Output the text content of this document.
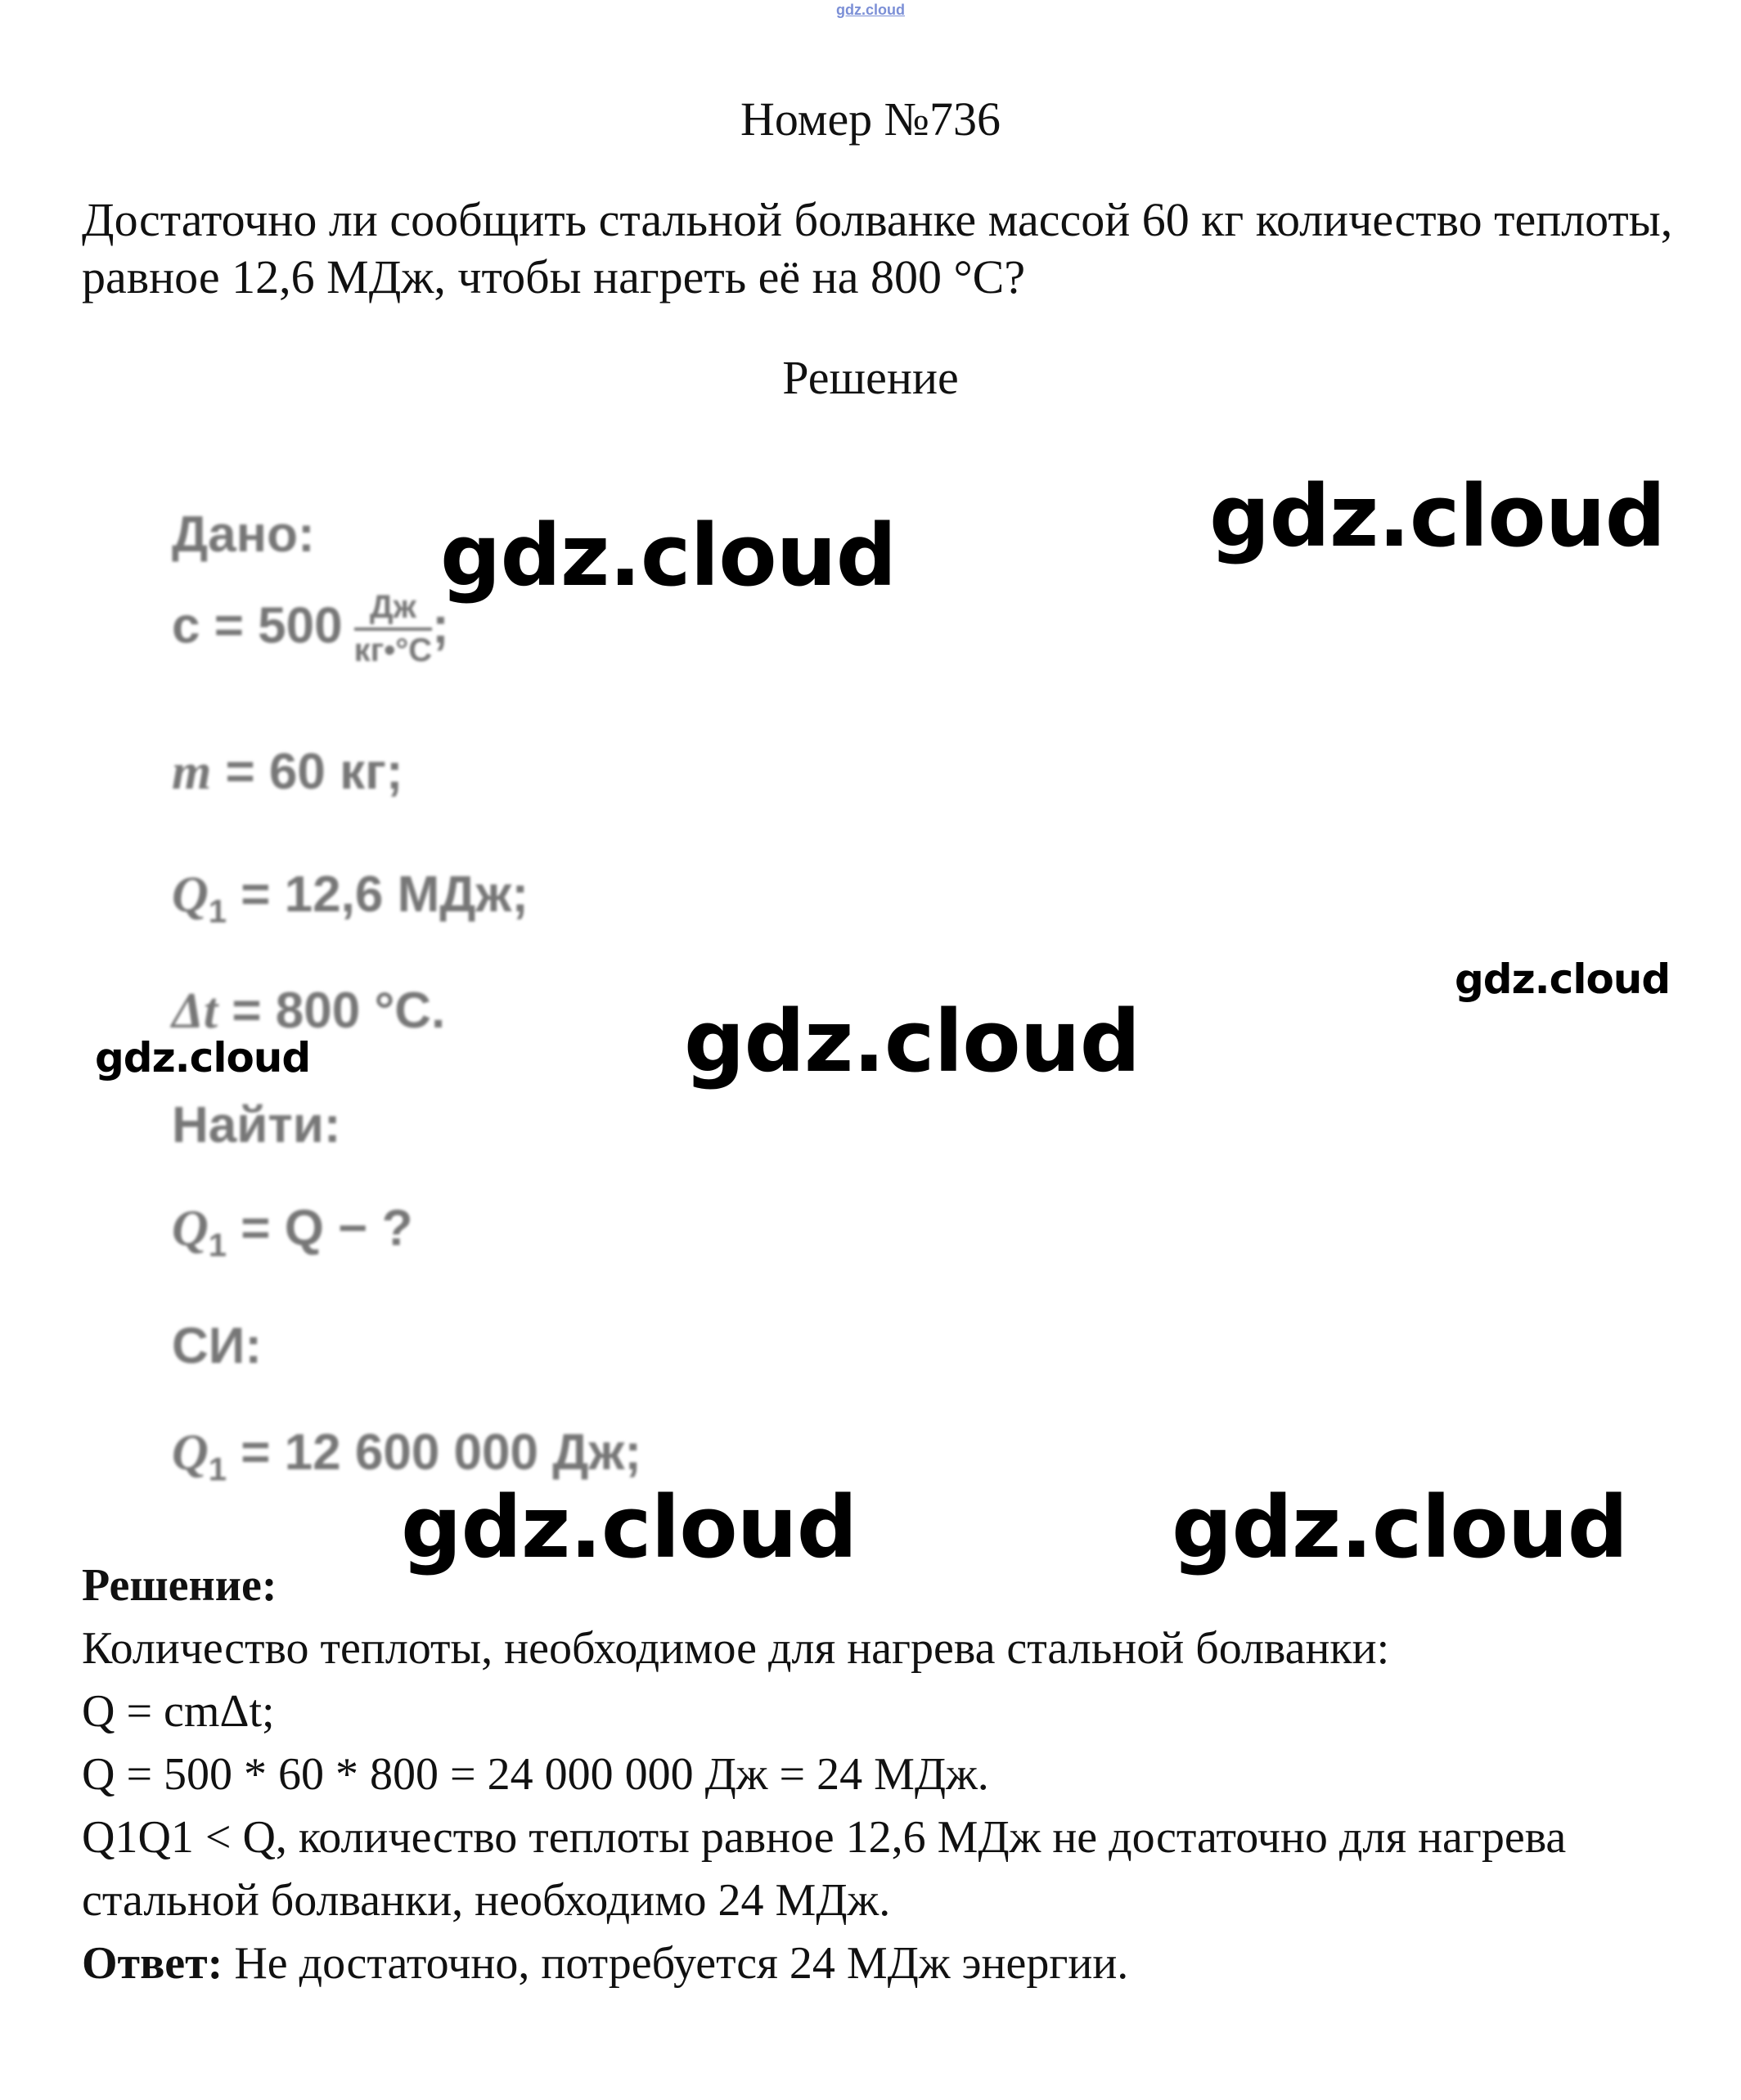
gdz.cloud
Номер №736
Достаточно ли сообщить стальной болванке массой 60 кг количество теплоты, равное 12,6 МДж, чтобы нагреть её на 800 °С?
Решение
Дано:
$c = 500 \frac{Дж}{кг•^\circ С}$ ;
m = 60 кг;
$Q_1 = 12,6$ МДж;
Δt = 800 °С.
Найти:
$Q_1 = Q$ − ?
СИ:
$Q_1 = 12$ 600 000 Дж;
gdz.cloud	gdz.cloud
gdz.cloud
gdz.cloud
gdz.cloud
gdz.cloud	gdz.cloud
Решение:
Количество теплоты, необходимое для нагрева стальной болванки:
Q = cmΔt;
Q = 500 * 60 * 800 = 24 000 000 Дж = 24 МДж.
Q1Q1 < Q, количество теплоты равное 12,6 МДж не достаточно для нагрева стальной болванки, необходимо 24 МДж.
Ответ: Не достаточно, потребуется 24 МДж энергии.
